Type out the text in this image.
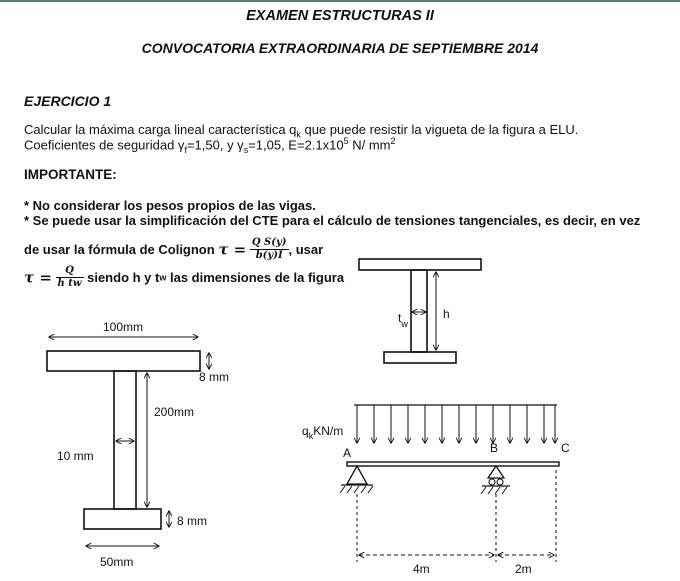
EXAMEN ESTRUCTURAS II
CONVOCATORIA EXTRAORDINARIA DE SEPTIEMBRE 2014
EJERCICIO 1
Calcular la máxima carga lineal característica $q_k$ que puede resistir la vigueta de la figura a ELU.
Coeficientes de seguridad $\gamma_f=1,50$, y $\gamma_s=1,05$, $E=2.1x10^5$ N/ $mm^2$
IMPORTANTE:
* No considerar los pesos propios de las vigas.
* Se puede usar la simplificación del CTE para el cálculo de tensiones tangenciales, es decir, en vez
de usar la fórmula de Colignon $\tau = \frac{\text{Q S(y)}}{b(y)I}$ , usar
$\tau = \frac{Q}{\text{h tw}}$ siendo h y tw las dimensiones de la figura
$t_w$
h
100mm
8 mm
200mm
10 mm
8 mm
50mm
$q_kKN/m$
A	B	C
4m	2m
